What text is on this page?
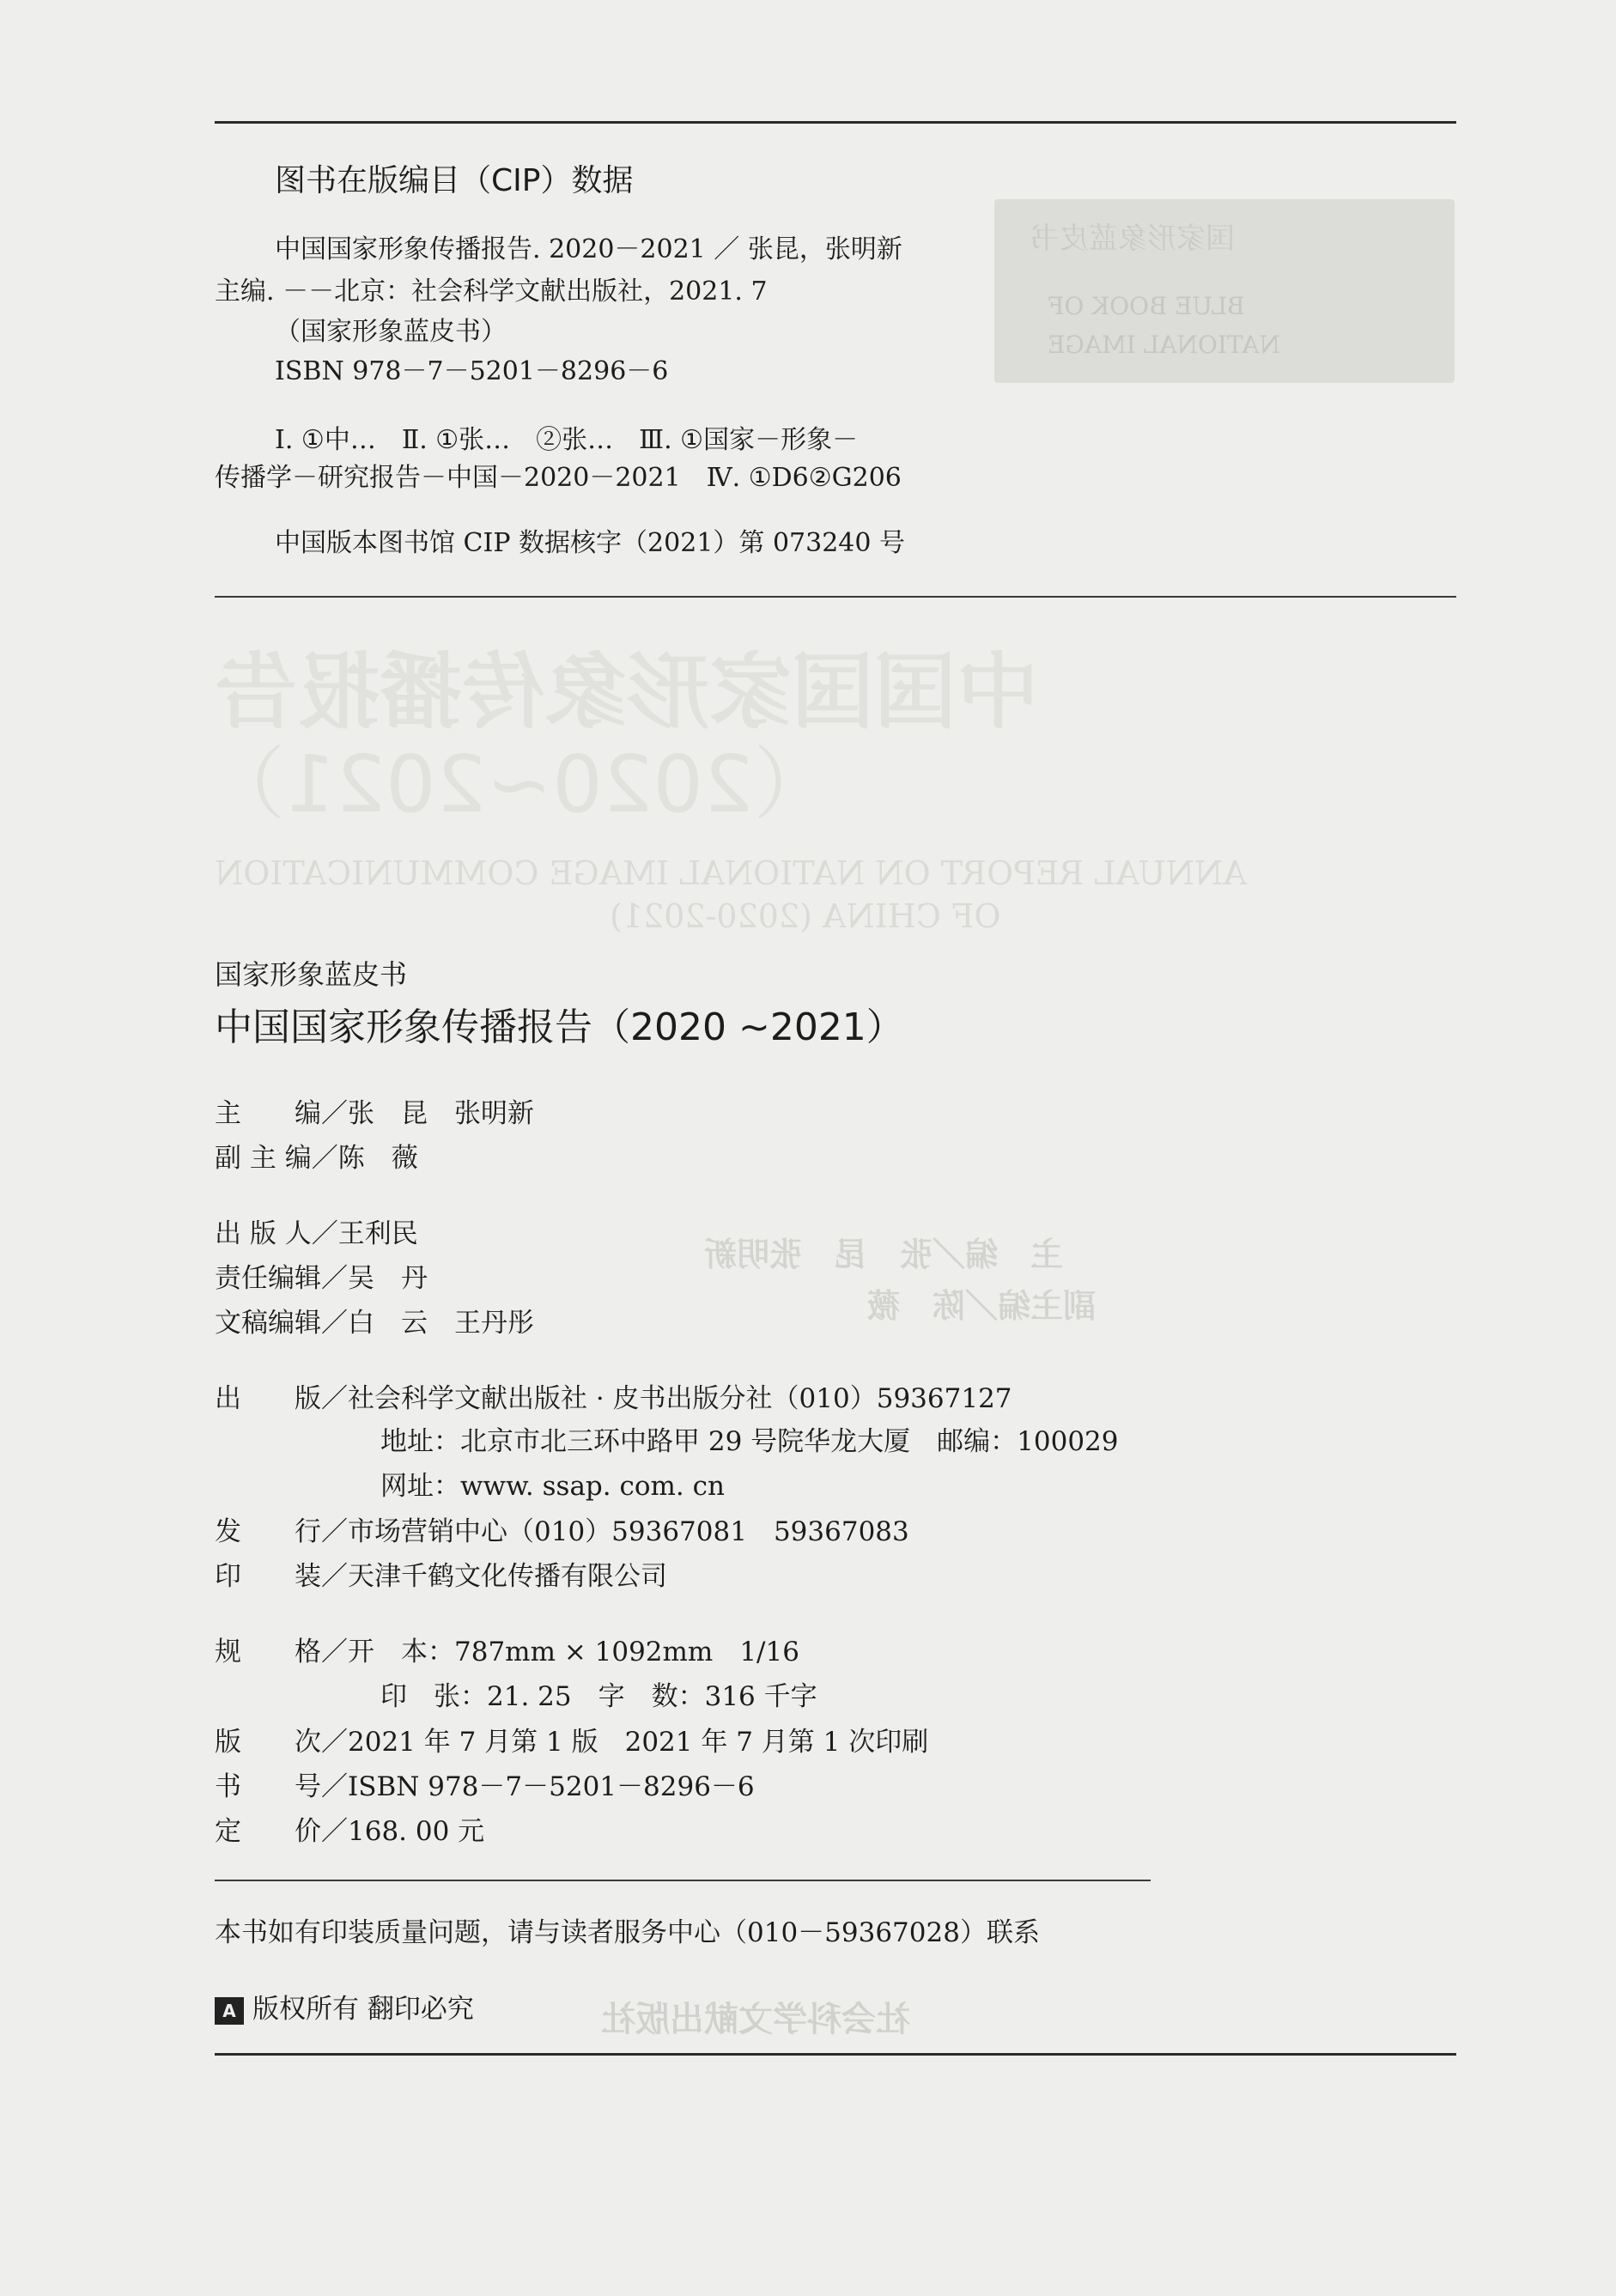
国家形象蓝皮书
BLUE BOOK OF
NATIONAL IMAGE
中国国家形象传播报告
（2020~2021）
ANNUAL REPORT ON NATIONAL IMAGE COMMUNICATION
OF CHINA (2020-2021)
主　编／张　昆　张明新
副主编／陈　薇
社会科学文献出版社
图书在版编目（CIP）数据
中国国家形象传播报告. 2020－2021 ／ 张昆，张明新
主编. －－北京：社会科学文献出版社，2021. 7
（国家形象蓝皮书）
ISBN 978－7－5201－8296－6
Ⅰ. ①中…　Ⅱ. ①张…　②张…　Ⅲ. ①国家－形象－
传播学－研究报告－中国－2020－2021　Ⅳ. ①D6②G206
中国版本图书馆 CIP 数据核字（2021）第 073240 号
国家形象蓝皮书
中国国家形象传播报告（2020 ~2021）
主　　编／张　昆　张明新
副 主 编／陈　薇
出 版 人／王利民
责任编辑／吴　丹
文稿编辑／白　云　王丹彤
出　　版／社会科学文献出版社 · 皮书出版分社（010）59367127
地址：北京市北三环中路甲 29 号院华龙大厦　邮编：100029
网址：www. ssap. com. cn
发　　行／市场营销中心（010）59367081　59367083
印　　装／天津千鹤文化传播有限公司
规　　格／开　本：787mm × 1092mm　1/16
印　张：21. 25　字　数：316 千字
版　　次／2021 年 7 月第 1 版　2021 年 7 月第 1 次印刷
书　　号／ISBN 978－7－5201－8296－6
定　　价／168. 00 元
本书如有印装质量问题，请与读者服务中心（010－59367028）联系
A 版权所有 翻印必究
